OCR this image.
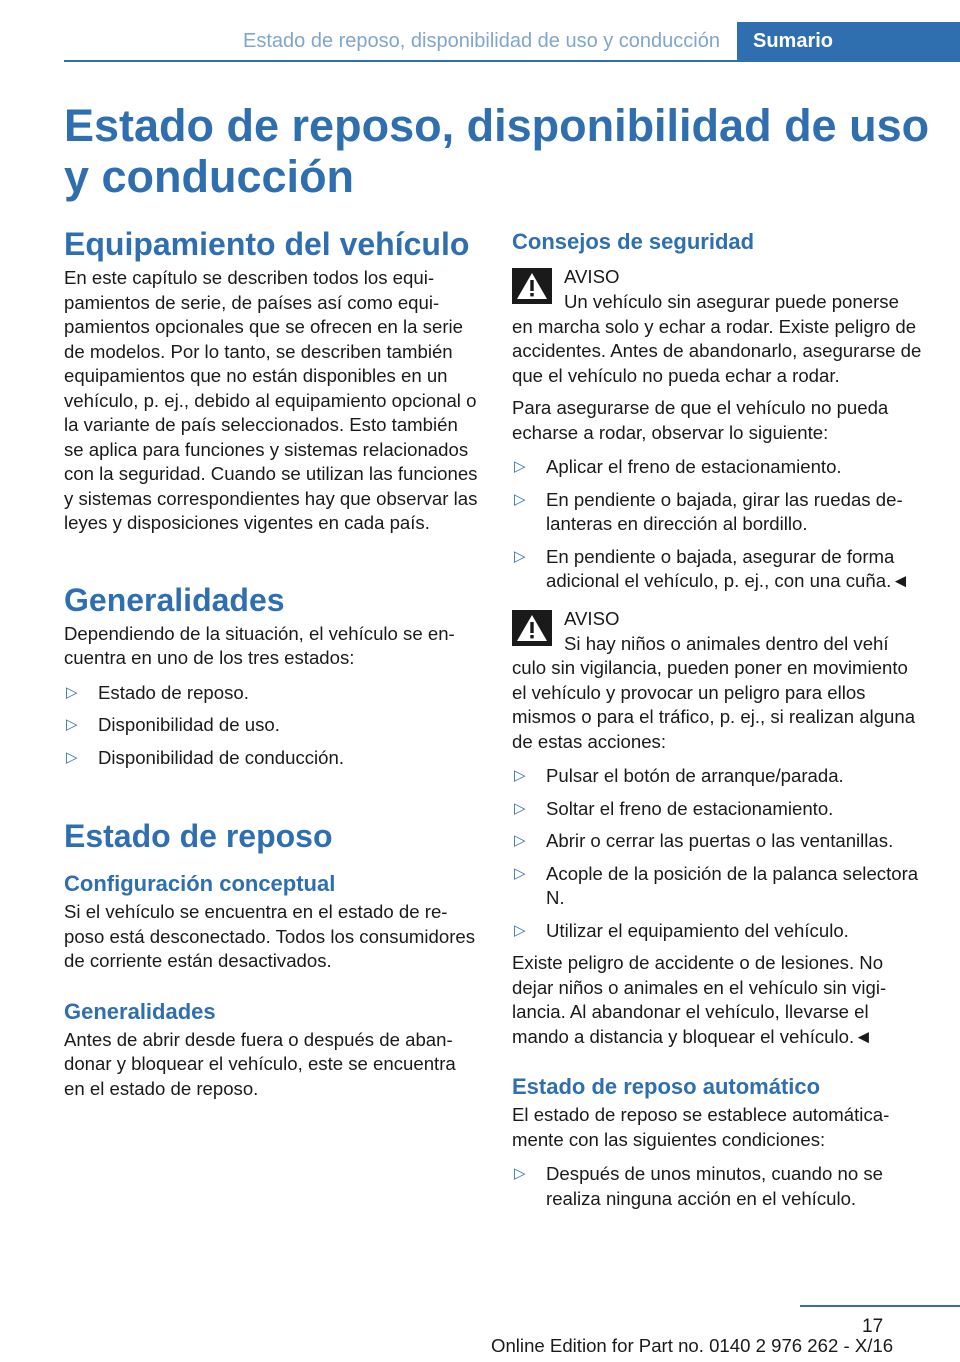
Estado de reposo, disponibilidad de uso y conducción	Sumario
Estado de reposo, disponibilidad de uso y conducción
Equipamiento del vehículo

En este capítulo se describen todos los equipamientos de serie, de países así como equipamientos opcionales que se ofrecen en la serie de modelos. Por lo tanto, se describen también equipamientos que no están disponibles en un vehículo, p. ej., debido al equipamiento opcional o la variante de país seleccionados. Esto también se aplica para funciones y sistemas relacionados con la seguridad. Cuando se utilizan las funciones y sistemas correspondientes hay que observar las leyes y disposiciones vigentes en cada país.

Generalidades

Dependiendo de la situación, el vehículo se encuentra en uno de los tres estados:

▷ Estado de reposo.
▷ Disponibilidad de uso.
▷ Disponibilidad de conducción.
Estado de reposo
Configuración conceptual

Si el vehículo se encuentra en el estado de reposo está desconectado. Todos los consumidores de corriente están desactivados.

Generalidades

Antes de abrir desde fuera o después de abandonar y bloquear el vehículo, este se encuentra en el estado de reposo.

Consejos de seguridad
AVISO

Un vehículo sin asegurar puede ponerse

en marcha solo y echar a rodar. Existe peligro de accidentes. Antes de abandonarlo, asegurarse de que el vehículo no pueda echar a rodar.

Para asegurarse de que el vehículo no pueda echarse a rodar, observar lo siguiente:

▷ Aplicar el freno de estacionamiento.
▷ En pendiente o bajada, girar las ruedas delanteras en dirección al bordillo.
▷ En pendiente o bajada, asegurar de forma adicional el vehículo, p. ej., con una cuña.◄
AVISO

Si hay niños o animales dentro del vehí

culo sin vigilancia, pueden poner en movimiento el vehículo y provocar un peligro para ellos mismos o para el tráfico, p. ej., si realizan alguna de estas acciones:

▷ Pulsar el botón de arranque/parada.
▷ Soltar el freno de estacionamiento.
▷ Abrir o cerrar las puertas o las ventanillas.
▷ Acople de la posición de la palanca selectora N.
▷ Utilizar el equipamiento del vehículo.

Existe peligro de accidente o de lesiones. No dejar niños o animales en el vehículo sin vigilancia. Al abandonar el vehículo, llevarse el mando a distancia y bloquear el vehículo.◄

Estado de reposo automático

El estado de reposo se establece automáticamente con las siguientes condiciones:

▷ Después de unos minutos, cuando no se realiza ninguna acción en el vehículo.
17
Online Edition for Part no. 0140 2 976 262 - X/16
